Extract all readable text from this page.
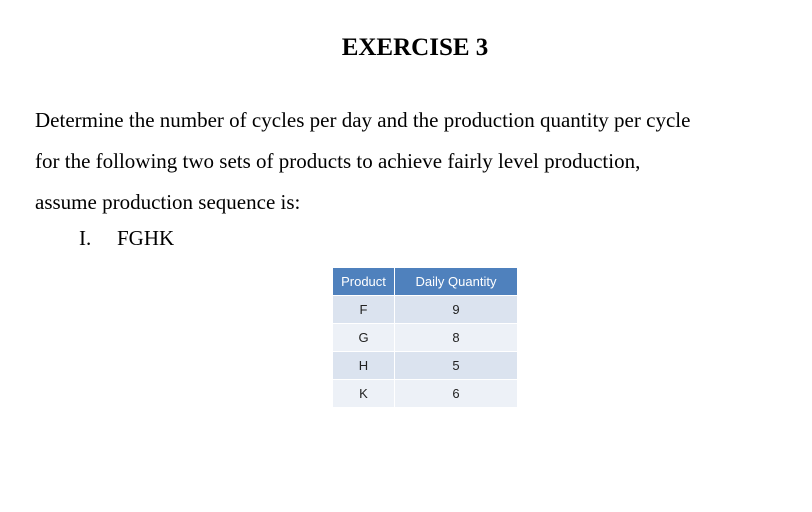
EXERCISE 3
Determine the number of cycles per day and the production quantity per cycle
for the following two sets of products to achieve fairly level production,
assume production sequence is:
I. FGHK
Product	Daily Quantity
F	9
G	8
H	5
K	6
